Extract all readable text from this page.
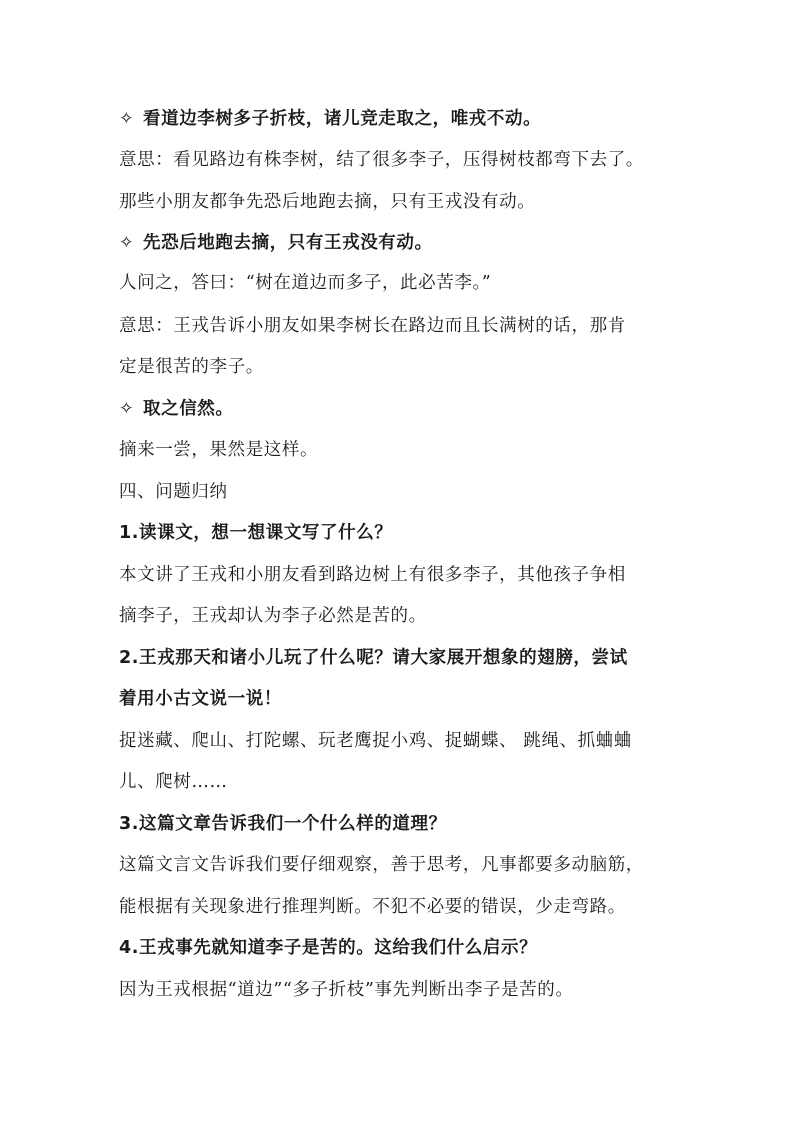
✧ 看道边李树多子折枝，诸儿竞走取之，唯戎不动。
意思：看见路边有株李树，结了很多李子，压得树枝都弯下去了。
那些小朋友都争先恐后地跑去摘，只有王戎没有动。
✧ 先恐后地跑去摘，只有王戎没有动。
人问之，答曰：“树在道边而多子，此必苦李。”
意思：王戎告诉小朋友如果李树长在路边而且长满树的话，那肯
定是很苦的李子。
✧ 取之信然。
摘来一尝，果然是这样。
四、问题归纳
1.读课文，想一想课文写了什么？
本文讲了王戎和小朋友看到路边树上有很多李子，其他孩子争相
摘李子，王戎却认为李子必然是苦的。
2.王戎那天和诸小儿玩了什么呢？请大家展开想象的翅膀，尝试
着用小古文说一说！
捉迷藏、爬山、打陀螺、玩老鹰捉小鸡、捉蝴蝶、 跳绳、抓蛐蛐
儿、爬树……
3.这篇文章告诉我们一个什么样的道理？
这篇文言文告诉我们要仔细观察，善于思考，凡事都要多动脑筋，
能根据有关现象进行推理判断。不犯不必要的错误，少走弯路。
4.王戎事先就知道李子是苦的。这给我们什么启示？
因为王戎根据“道边”“多子折枝”事先判断出李子是苦的。
